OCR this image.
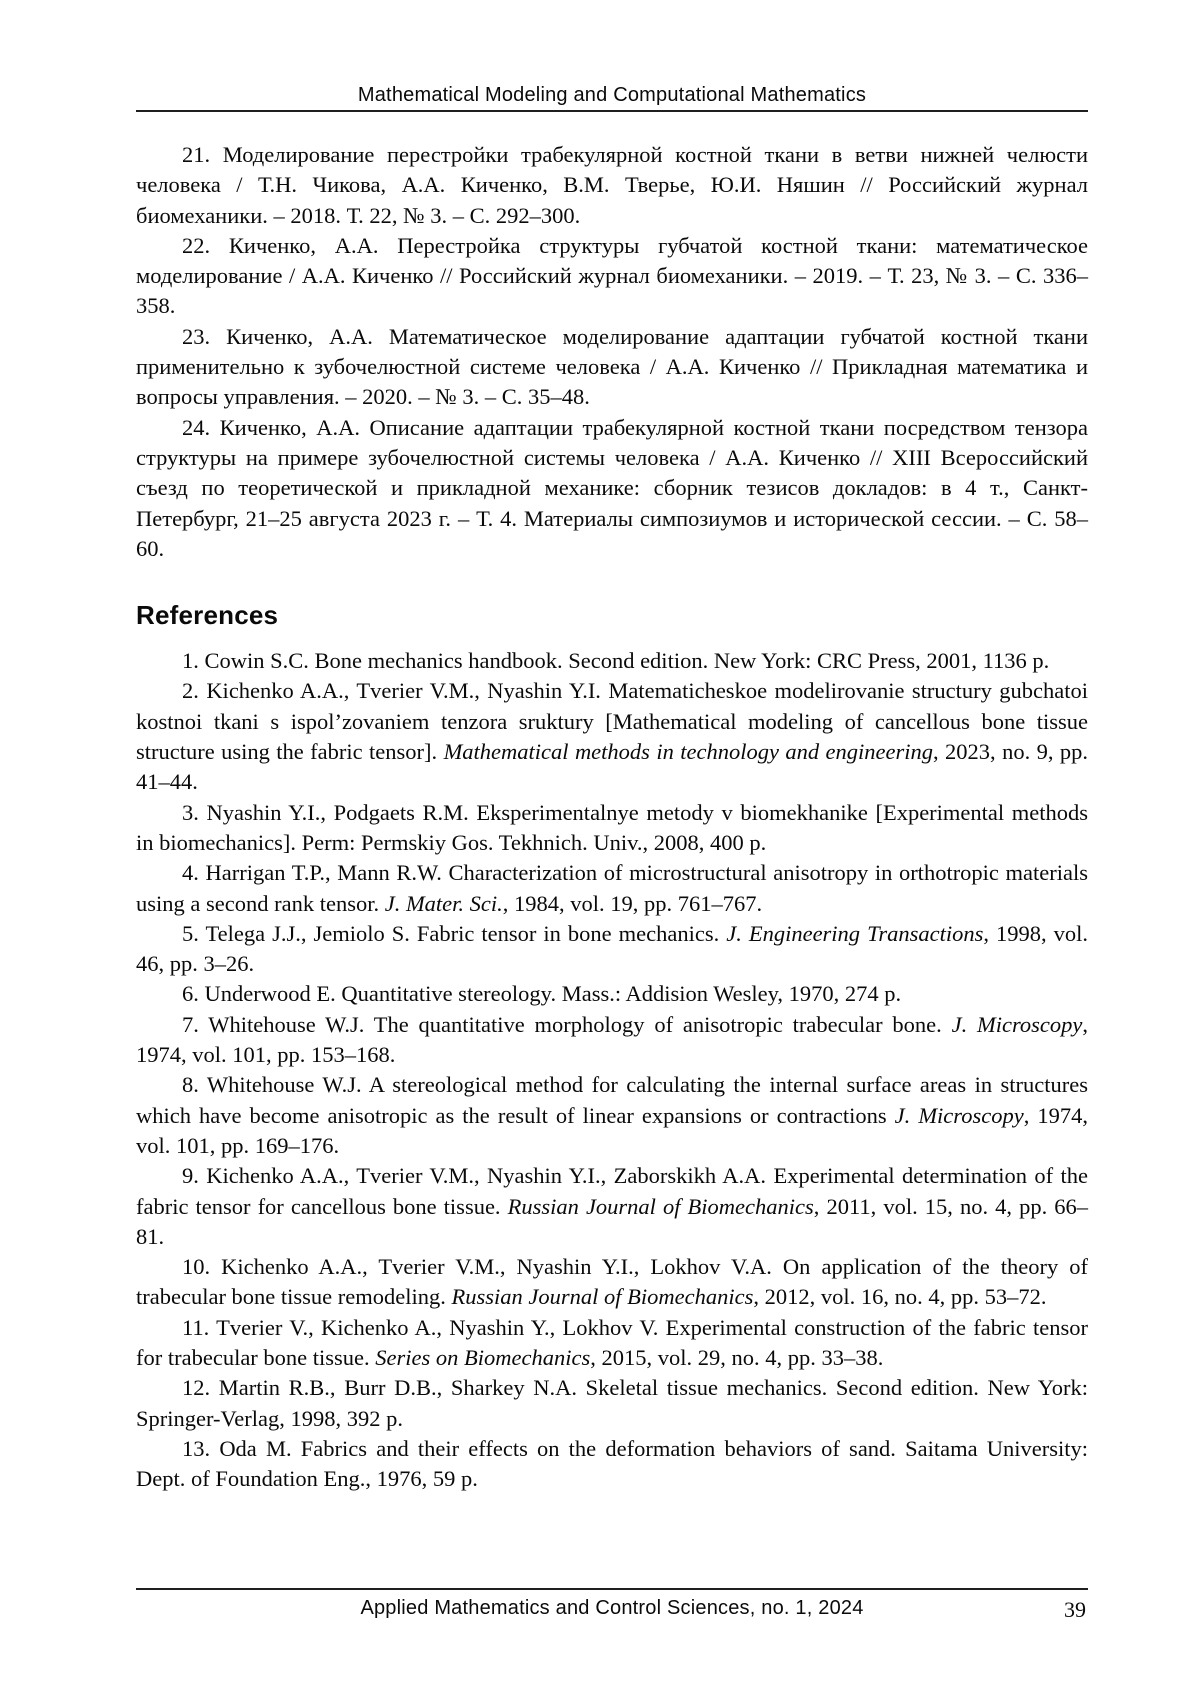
Mathematical Modeling and Computational Mathematics

21. Моделирование перестройки трабекулярной костной ткани в ветви нижней челюсти человека / Т.Н. Чикова, А.А. Киченко, В.М. Тверье, Ю.И. Няшин // Российский журнал биомеханики. – 2018. Т. 22, № 3. – С. 292–300.

22. Киченко, А.А. Перестройка структуры губчатой костной ткани: математическое моделирование / А.А. Киченко // Российский журнал биомеханики. – 2019. – Т. 23, № 3. – С. 336–358.

23. Киченко, А.А. Математическое моделирование адаптации губчатой костной ткани применительно к зубочелюстной системе человека / А.А. Киченко // Прикладная математика и вопросы управления. – 2020. – № 3. – С. 35–48.

24. Киченко, А.А. Описание адаптации трабекулярной костной ткани посредством тензора структуры на примере зубочелюстной системы человека / А.А. Киченко // XIII Всероссийский съезд по теоретической и прикладной механике: сборник тезисов докладов: в 4 т., Санкт-Петербург, 21–25 августа 2023 г. – Т. 4. Материалы симпозиумов и исторической сессии. – С. 58–60.

References

1. Cowin S.C. Bone mechanics handbook. Second edition. New York: CRC Press, 2001, 1136 p.

2. Kichenko A.A., Tverier V.M., Nyashin Y.I. Matematicheskoe modelirovanie structury gubchatoi kostnoi tkani s ispol’zovaniem tenzora sruktury [Mathematical modeling of cancellous bone tissue structure using the fabric tensor]. Mathematical methods in technology and engineering, 2023, no. 9, pp. 41–44.

3. Nyashin Y.I., Podgaets R.M. Eksperimentalnye metody v biomekhanike [Experimental methods in biomechanics]. Perm: Permskiy Gos. Tekhnich. Univ., 2008, 400 p.

4. Harrigan T.P., Mann R.W. Characterization of microstructural anisotropy in orthotropic materials using a second rank tensor. J. Mater. Sci., 1984, vol. 19, pp. 761–767.

5. Telega J.J., Jemiolo S. Fabric tensor in bone mechanics. J. Engineering Transactions, 1998, vol. 46, pp. 3–26.

6. Underwood E. Quantitative stereology. Mass.: Addision Wesley, 1970, 274 p.

7. Whitehouse W.J. The quantitative morphology of anisotropic trabecular bone. J. Microscopy, 1974, vol. 101, pp. 153–168.

8. Whitehouse W.J. A stereological method for calculating the internal surface areas in structures which have become anisotropic as the result of linear expansions or contractions J. Microscopy, 1974, vol. 101, pp. 169–176.

9. Kichenko A.A., Tverier V.M., Nyashin Y.I., Zaborskikh A.A. Experimental determination of the fabric tensor for cancellous bone tissue. Russian Journal of Biomechanics, 2011, vol. 15, no. 4, pp. 66–81.

10. Kichenko A.A., Tverier V.M., Nyashin Y.I., Lokhov V.A. On application of the theory of trabecular bone tissue remodeling. Russian Journal of Biomechanics, 2012, vol. 16, no. 4, pp. 53–72.

11. Tverier V., Kichenko A., Nyashin Y., Lokhov V. Experimental construction of the fabric tensor for trabecular bone tissue. Series on Biomechanics, 2015, vol. 29, no. 4, pp. 33–38.

12. Martin R.B., Burr D.B., Sharkey N.A. Skeletal tissue mechanics. Second edition. New York: Springer-Verlag, 1998, 392 p.

13. Oda M. Fabrics and their effects on the deformation behaviors of sand. Saitama University: Dept. of Foundation Eng., 1976, 59 p.

Applied Mathematics and Control Sciences, no. 1, 2024	39
